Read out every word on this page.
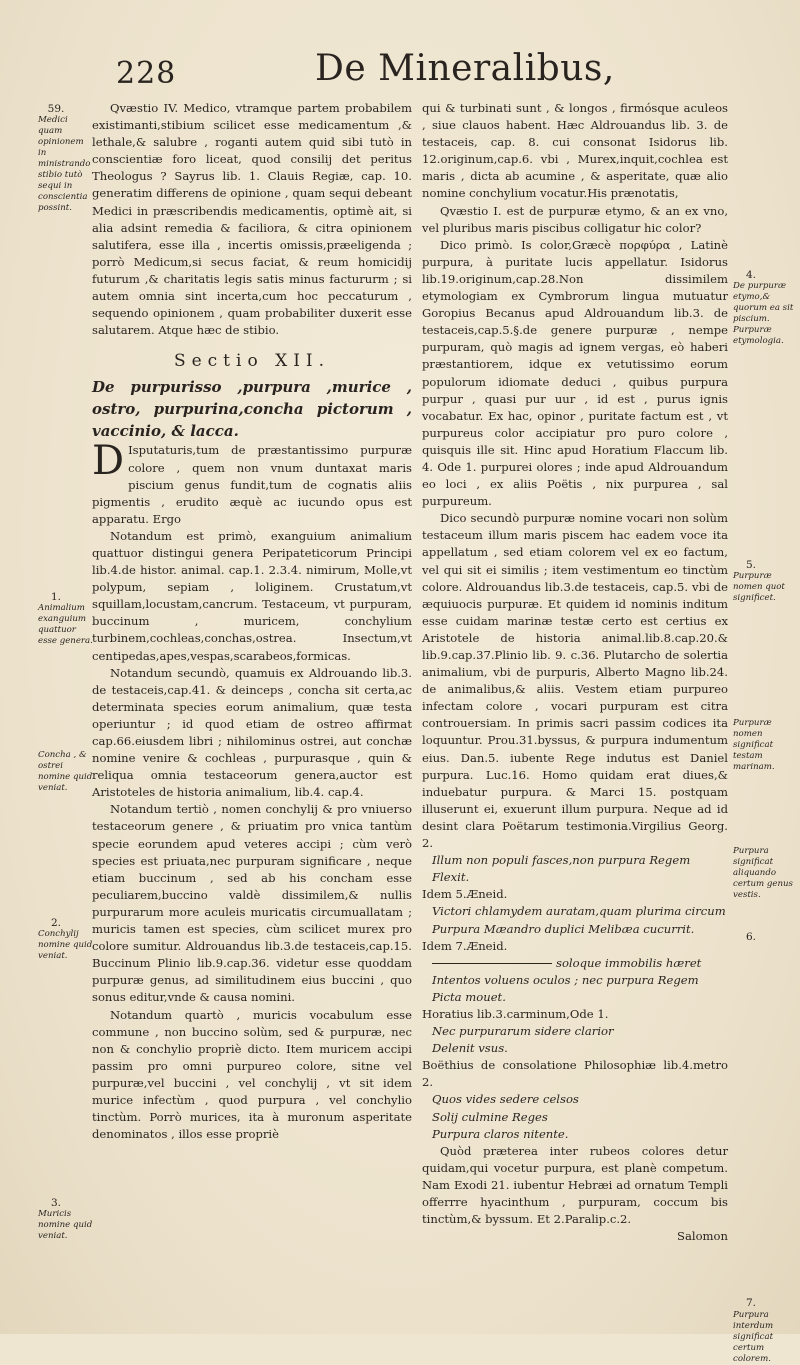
228	De Mineralibus,
59.
Medici quam opinionem in ministrando stibio tutò sequi in conscientia possint.
1.
Animalium exanguium quattuor esse genera.
Concha , & ostrei nomine quid veniat.
2.
Conchylij nomine quid veniat.
3.
Muricis nomine quid veniat.
4.
De purpuræ etymo,& quorum ea sit piscium. Purpuræ etymologia.
5.
Purpuræ nomen quot significet.
Purpuræ nomen significat testam marinam.
Purpura significat aliquando certum genus vestis.
6.
7.
Purpura interdum significat certum colorem.

Qvæstio IV. Medico, vtramque partem probabilem existimanti,stibium scilicet esse medicamentum ,& lethale,& salubre , roganti autem quid sibi tutò in conscientiæ foro liceat, quod consilij det peritus Theologus ? Sayrus lib. 1. Clauis Regiæ, cap. 10. generatim differens de opinione , quam sequi debeant Medici in præscribendis medicamentis, optimè ait, si alia adsint remedia & faciliora, & citra opinionem salutifera, esse illa , incertis omissis,præeligenda ; porrò Medicum,si secus faciat, & reum homicidij futurum ,& charitatis legis satis minus factururm ; si autem omnia sint incerta,cum hoc peccaturum , sequendo opinionem , quam probabiliter duxerit esse salutarem. Atque hæc de stibio.

Sectio XII.

De purpurisso ,purpura ,murice , ostro, purpurina,concha pictorum , vaccinio, & lacca.

D Isputaturis,tum de præstantissimo purpuræ colore , quem non vnum duntaxat maris piscium genus fundit,tum de cognatis aliis pigmentis , erudito æquè ac iucundo opus est apparatu. Ergo

Notandum est primò, exanguium animalium quattuor distingui genera Peripateticorum Principi lib.4.de histor. animal. cap.1. 2.3.4. nimirum, Molle,vt polypum, sepiam , loliginem. Crustatum,vt squillam,locustam,cancrum. Testaceum, vt purpuram, buccinum , muricem, conchylium turbinem,cochleas,conchas,ostrea. Insectum,vt centipedas,apes,vespas,scarabeos,formicas.

Notandum secundò, quamuis ex Aldrouando lib.3. de testaceis,cap.41. & deinceps , concha sit certa,ac determinata species eorum animalium, quæ testa operiuntur ; id quod etiam de ostreo affirmat cap.66.eiusdem libri ; nihilominus ostrei, aut conchæ nomine venire & cochleas , purpurasque , quin & reliqua omnia testaceorum genera,auctor est Aristoteles de historia animalium, lib.4. cap.4.

Notandum tertiò , nomen conchylij & pro vniuerso testaceorum genere , & priuatim pro vnica tantùm specie eorundem apud veteres accipi ; cùm verò species est priuata,nec purpuram significare , neque etiam buccinum , sed ab his concham esse peculiarem,buccino valdè dissimilem,& nullis purpurarum more aculeis muricatis circumuallatam ; muricis tamen est species, cùm scilicet murex pro colore sumitur. Aldrouandus lib.3.de testaceis,cap.15. Buccinum Plinio lib.9.cap.36. videtur esse quoddam purpuræ genus, ad similitudinem eius buccini , quo sonus editur,vnde & causa nomini.

Notandum quartò , muricis vocabulum esse commune , non buccino solùm, sed & purpuræ, nec non & conchylio propriè dicto. Item muricem accipi passim pro omni purpureo colore, sitne vel purpuræ,vel buccini , vel conchylij , vt sit idem murice infectùm , quod purpura , vel conchylio tinctùm. Porrò murices, ita à muronum asperitate denominatos , illos esse propriè

qui & turbinati sunt , & longos , firmósque aculeos , siue clauos habent. Hæc Aldrouandus lib. 3. de testaceis, cap. 8. cui consonat Isidorus lib. 12.originum,cap.6. vbi , Murex,inquit,cochlea est maris , dicta ab acumine , & asperitate, quæ alio nomine conchylium vocatur.His prænotatis,

Qvæstio I. est de purpuræ etymo, & an ex vno, vel pluribus maris piscibus colligatur hic color?

Dico primò. Is color,Græcè πορφύρα , Latinè purpura, à puritate lucis appellatur. Isidorus lib.19.originum,cap.28.Non dissimilem etymologiam ex Cymbrorum lingua mutuatur Goropius Becanus apud Aldrouandum lib.3. de testaceis,cap.5.§.de genere purpuræ , nempe purpuram, quò magis ad ignem vergas, eò haberi præstantiorem, idque ex vetutissimo eorum populorum idiomate deduci , quibus purpura purpur , quasi pur uur , id est , purus ignis vocabatur. Ex hac, opinor , puritate factum est , vt purpureus color accipiatur pro puro colore , quisquis ille sit. Hinc apud Horatium Flaccum lib. 4. Ode 1. purpurei olores ; inde apud Aldrouandum eo loci , ex aliis Poëtis , nix purpurea , sal purpureum.

Dico secundò purpuræ nomine vocari non solùm testaceum illum maris piscem hac eadem voce ita appellatum , sed etiam colorem vel ex eo factum, vel qui sit ei similis ; item vestimentum eo tinctùm colore. Aldrouandus lib.3.de testaceis, cap.5. vbi de æquiuocis purpuræ. Et quidem id nominis inditum esse cuidam marinæ testæ certo est certius ex Aristotele de historia animal.lib.8.cap.20.& lib.9.cap.37.Plinio lib. 9. c.36. Plutarcho de solertia animalium, vbi de purpuris, Alberto Magno lib.24. de animalibus,& aliis. Vestem etiam purpureo infectam colore , vocari purpuram est citra controuersiam. In primis sacri passim codices ita loquuntur. Prou.31.byssus, & purpura indumentum eius. Dan.5. iubente Rege indutus est Daniel purpura. Luc.16. Homo quidam erat diues,& induebatur purpura. & Marci 15. postquam illuserunt ei, exuerunt illum purpura. Neque ad id desint clara Poëtarum testimonia.Virgilius Georg. 2.

Illum non populi fasces,non purpura Regem

Flexit.

Idem 5.Æneid.

Victori chlamydem auratam,quam plurima circum

Purpura Mæandro duplici Melibæa cucurrit.

Idem 7.Æneid.

soloque immobilis hæret

Intentos voluens oculos ; nec purpura Regem

Picta mouet.

Horatius lib.3.carminum,Ode 1.

Nec purpurarum sidere clarior

Delenit vsus.

Boëthius de consolatione Philosophiæ lib.4.metro 2.

Quos vides sedere celsos

Solij culmine Reges

Purpura claros nitente.

Quòd præterea inter rubeos colores detur quidam,qui vocetur purpura, est planè competum. Nam Exodi 21. iubentur Hebræi ad ornatum Templi offerrre hyacinthum , purpuram, coccum bis tinctùm,& byssum. Et 2.Paralip.c.2.

Salomon
